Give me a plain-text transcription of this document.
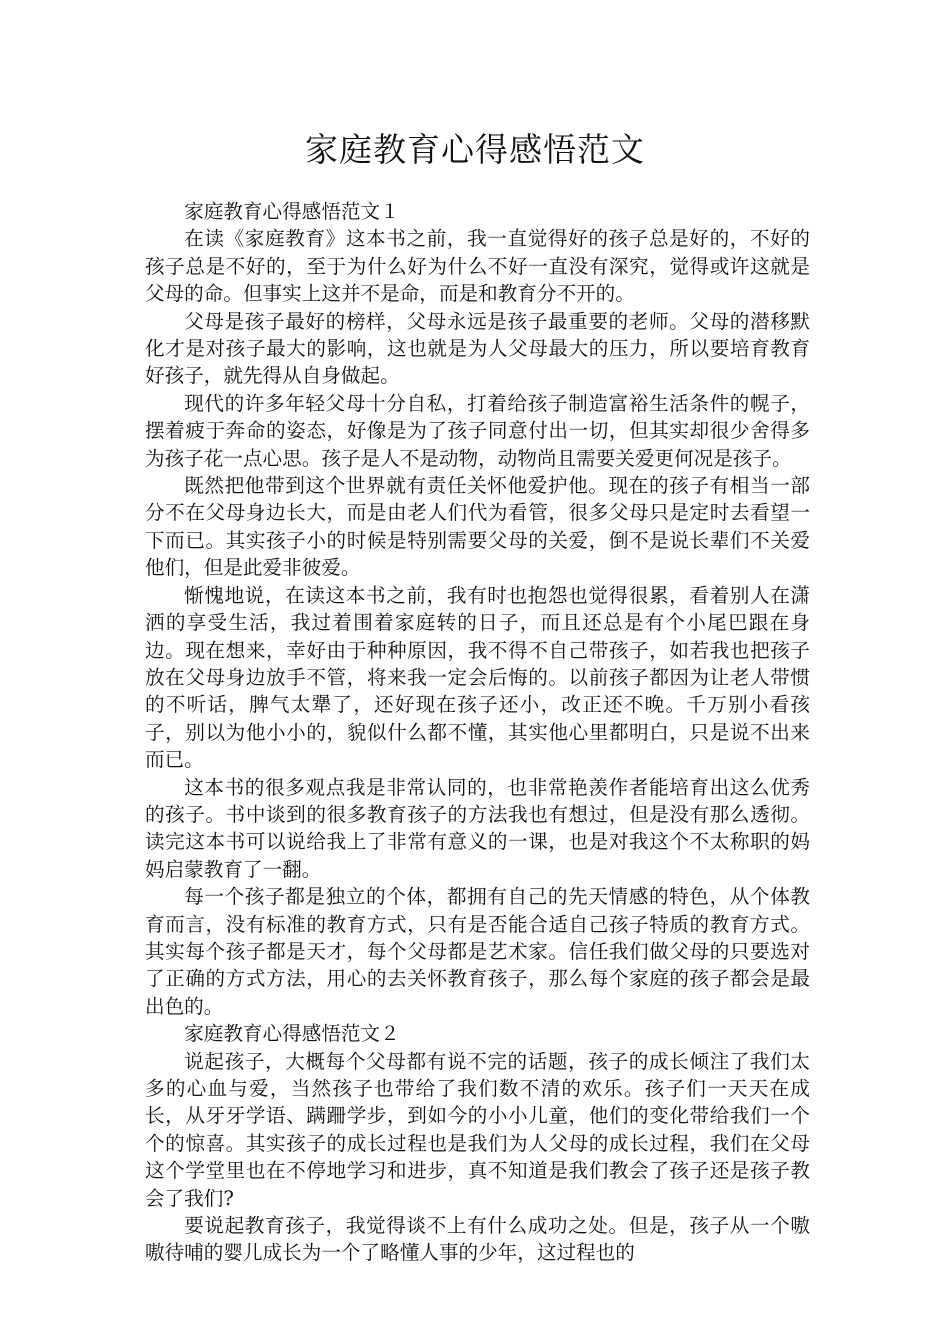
家庭教育心得感悟范文

家庭教育心得感悟范文１

在读《家庭教育》这本书之前，我一直觉得好的孩子总是好的，不好的孩子总是不好的，至于为什么好为什么不好一直没有深究，觉得或许这就是父母的命。但事实上这并不是命，而是和教育分不开的。

父母是孩子最好的榜样，父母永远是孩子最重要的老师。父母的潜移默化才是对孩子最大的影响，这也就是为人父母最大的压力，所以要培育教育好孩子，就先得从自身做起。

现代的许多年轻父母十分自私，打着给孩子制造富裕生活条件的幌子，摆着疲于奔命的姿态，好像是为了孩子同意付出一切，但其实却很少舍得多为孩子花一点心思。孩子是人不是动物，动物尚且需要关爱更何况是孩子。

既然把他带到这个世界就有责任关怀他爱护他。现在的孩子有相当一部分不在父母身边长大，而是由老人们代为看管，很多父母只是定时去看望一下而已。其实孩子小的时候是特别需要父母的关爱，倒不是说长辈们不关爱他们，但是此爱非彼爱。

惭愧地说，在读这本书之前，我有时也抱怨也觉得很累，看着别人在潇洒的享受生活，我过着围着家庭转的日子，而且还总是有个小尾巴跟在身边。现在想来，幸好由于种种原因，我不得不自己带孩子，如若我也把孩子放在父母身边放手不管，将来我一定会后悔的。以前孩子都因为让老人带惯的不听话，脾气太犟了，还好现在孩子还小，改正还不晚。千万别小看孩子，别以为他小小的，貌似什么都不懂，其实他心里都明白，只是说不出来而已。

这本书的很多观点我是非常认同的，也非常艳羡作者能培育出这么优秀的孩子。书中谈到的很多教育孩子的方法我也有想过，但是没有那么透彻。读完这本书可以说给我上了非常有意义的一课，也是对我这个不太称职的妈妈启蒙教育了一翻。

每一个孩子都是独立的个体，都拥有自己的先天情感的特色，从个体教育而言，没有标准的教育方式，只有是否能合适自己孩子特质的教育方式。其实每个孩子都是天才，每个父母都是艺术家。信任我们做父母的只要选对了正确的方式方法，用心的去关怀教育孩子，那么每个家庭的孩子都会是最出色的。

家庭教育心得感悟范文２

说起孩子，大概每个父母都有说不完的话题，孩子的成长倾注了我们太多的心血与爱，当然孩子也带给了我们数不清的欢乐。孩子们一天天在成长，从牙牙学语、蹒跚学步，到如今的小小儿童，他们的变化带给我们一个个的惊喜。其实孩子的成长过程也是我们为人父母的成长过程，我们在父母这个学堂里也在不停地学习和进步，真不知道是我们教会了孩子还是孩子教会了我们?

要说起教育孩子，我觉得谈不上有什么成功之处。但是，孩子从一个嗷嗷待哺的婴儿成长为一个了略懂人事的少年，这过程也的
